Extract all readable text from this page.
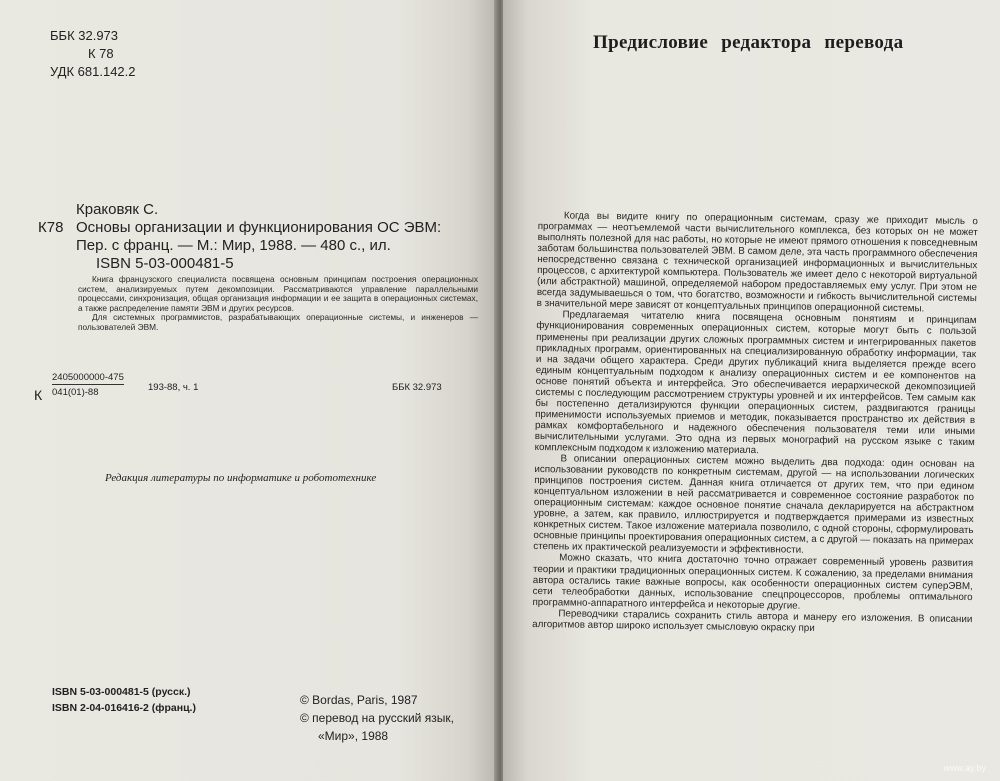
ББК 32.973
К 78
УДК 681.142.2
К78
Краковяк С.
Основы организации и функционирования ОС ЭВМ:
Пер. с франц. — М.: Мир, 1988. — 480 с., ил.
ISBN 5-03-000481-5

Книга французского специалиста посвящена основным принципам построения операционных систем, анализируемых путем декомпозиции. Рассматриваются управление параллельными процессами, синхронизация, общая организация информации и ее защита в операционных системах, а также распределение памяти ЭВМ и других ресурсов.

Для системных программистов, разрабатывающих операционные системы, и инженеров — пользователей ЭВМ.

К $\frac{2405000000-475}{041(01)-88}$	193-88, ч. 1	ББК 32.973
Редакция литературы по информатике и робототехнике
ISBN 5-03-000481-5 (русск.)
ISBN 2-04-016416-2 (франц.)
© Bordas, Paris, 1987
© перевод на русский язык,
«Мир», 1988
Предисловие редактора перевода

Когда вы видите книгу по операционным системам, сразу же приходит мысль о программах — неотъемлемой части вычислительного комплекса, без которых он не может выполнять полезной для нас работы, но которые не имеют прямого отношения к повседневным заботам большинства пользователей ЭВМ. В самом деле, эта часть программного обеспечения непосредственно связана с технической организацией информационных и вычислительных процессов, с архитектурой компьютера. Пользователь же имеет дело с некоторой виртуальной (или абстрактной) машиной, определяемой набором предоставляемых ему услуг. При этом не всегда задумываешься о том, что богатство, возможности и гибкость вычислительной системы в значительной мере зависят от концептуальных принципов операционной системы.

Предлагаемая читателю книга посвящена основным понятиям и принципам функционирования современных операционных систем, которые могут быть с пользой применены при реализации других сложных программных систем и интегрированных пакетов прикладных программ, ориентированных на специализированную обработку информации, так и на задачи общего характера. Среди других публикаций книга выделяется прежде всего единым концептуальным подходом к анализу операционных систем и ее компонентов на основе понятий объекта и интерфейса. Это обеспечивается иерархической декомпозицией системы с последующим рассмотрением структуры уровней и их интерфейсов. Тем самым как бы постепенно детализируются функции операционных систем, раздвигаются границы применимости используемых приемов и методик, показывается пространство их действия в рамках комфортабельного и надежного обеспечения пользователя теми или иными вычислительными услугами. Это одна из первых монографий на русском языке с таким комплексным подходом к изложению материала.

В описании операционных систем можно выделить два подхода: один основан на использовании руководств по конкретным системам, другой — на использовании логических принципов построения систем. Данная книга отличается от других тем, что при едином концептуальном изложении в ней рассматривается и современное состояние разработок по операционным системам: каждое основное понятие сначала декларируется на абстрактном уровне, а затем, как правило, иллюстрируется и подтверждается примерами из известных конкретных систем. Такое изложение материала позволило, с одной стороны, сформулировать основные принципы проектирования операционных систем, а с другой — показать на примерах степень их практической реализуемости и эффективности.

Можно сказать, что книга достаточно точно отражает современный уровень развития теории и практики традиционных операционных систем. К сожалению, за пределами внимания автора остались такие важные вопросы, как особенности операционных систем суперЭВМ, сети телеобработки данных, использование спецпроцессоров, проблемы оптимального программно-аппаратного интерфейса и некоторые другие.

Переводчики старались сохранить стиль автора и манеру его изложения. В описании алгоритмов автор широко использует смысловую окраску при

www.ay.by
